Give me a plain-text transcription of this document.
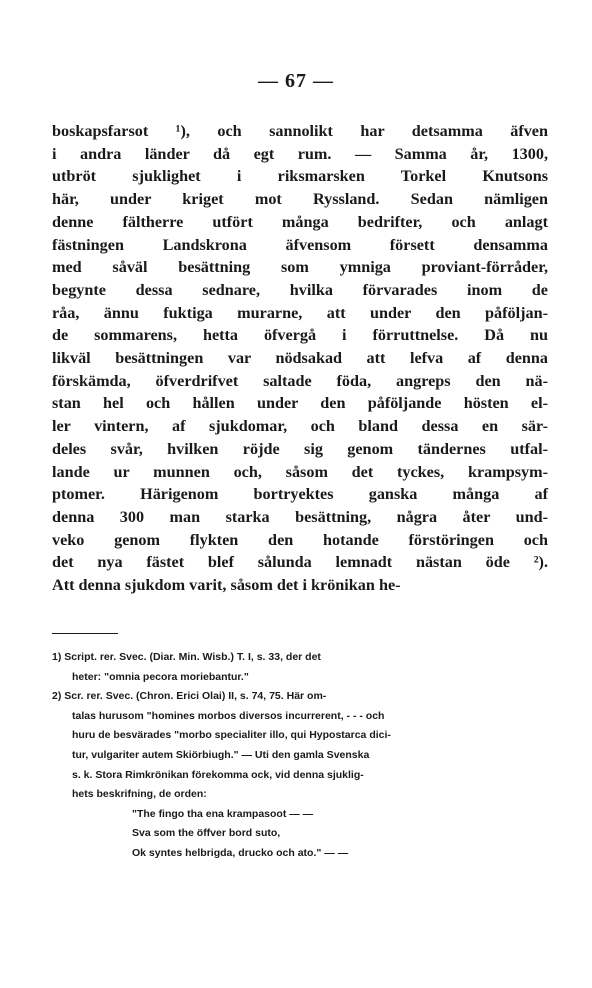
— 67 —
boskapsfarsot ¹), och sannolikt har detsamma äfven
i andra länder då egt rum. — Samma år, 1300,
utbröt sjuklighet i riksmarsken Torkel Knutsons
här, under kriget mot Ryssland. Sedan nämligen
denne fältherre utfört många bedrifter, och anlagt
fästningen Landskrona äfvensom försett densamma
med såväl besättning som ymniga proviant-förråder,
begynte dessa sednare, hvilka förvarades inom de
råa, ännu fuktiga murarne, att under den påföljan-
de sommarens, hetta öfvergå i förruttnelse. Då nu
likväl besättningen var nödsakad att lefva af denna
förskämda, öfverdrifvet saltade föda, angreps den nä-
stan hel och hållen under den påföljande hösten el-
ler vintern, af sjukdomar, och bland dessa en sär-
deles svår, hvilken röjde sig genom tändernes utfal-
lande ur munnen och, såsom det tyckes, krampsym-
ptomer. Härigenom bortryektes ganska många af
denna 300 man starka besättning, några åter und-
veko genom flykten den hotande förstöringen och
det nya fästet blef sålunda lemnadt nästan öde ²).
Att denna sjukdom varit, såsom det i krönikan he-
1) Script. rer. Svec. (Diar. Min. Wisb.) T. I, s. 33, der det
heter: "omnia pecora moriebantur."
2) Scr. rer. Svec. (Chron. Erici Olai) II, s. 74, 75. Här om-
talas hurusom "homines morbos diversos incurrerent, - - - och
huru de besvärades "morbo specialiter illo, qui Hypostarca dici-
tur, vulgariter autem Skiörbiugh." — Uti den gamla Svenska
s. k. Stora Rimkrönikan förekomma ock, vid denna sjuklig-
hets beskrifning, de orden:
"The fingo tha ena krampasoot — —
Sva som the öffver bord suto,
Ok syntes helbrigda, drucko och ato." — —
